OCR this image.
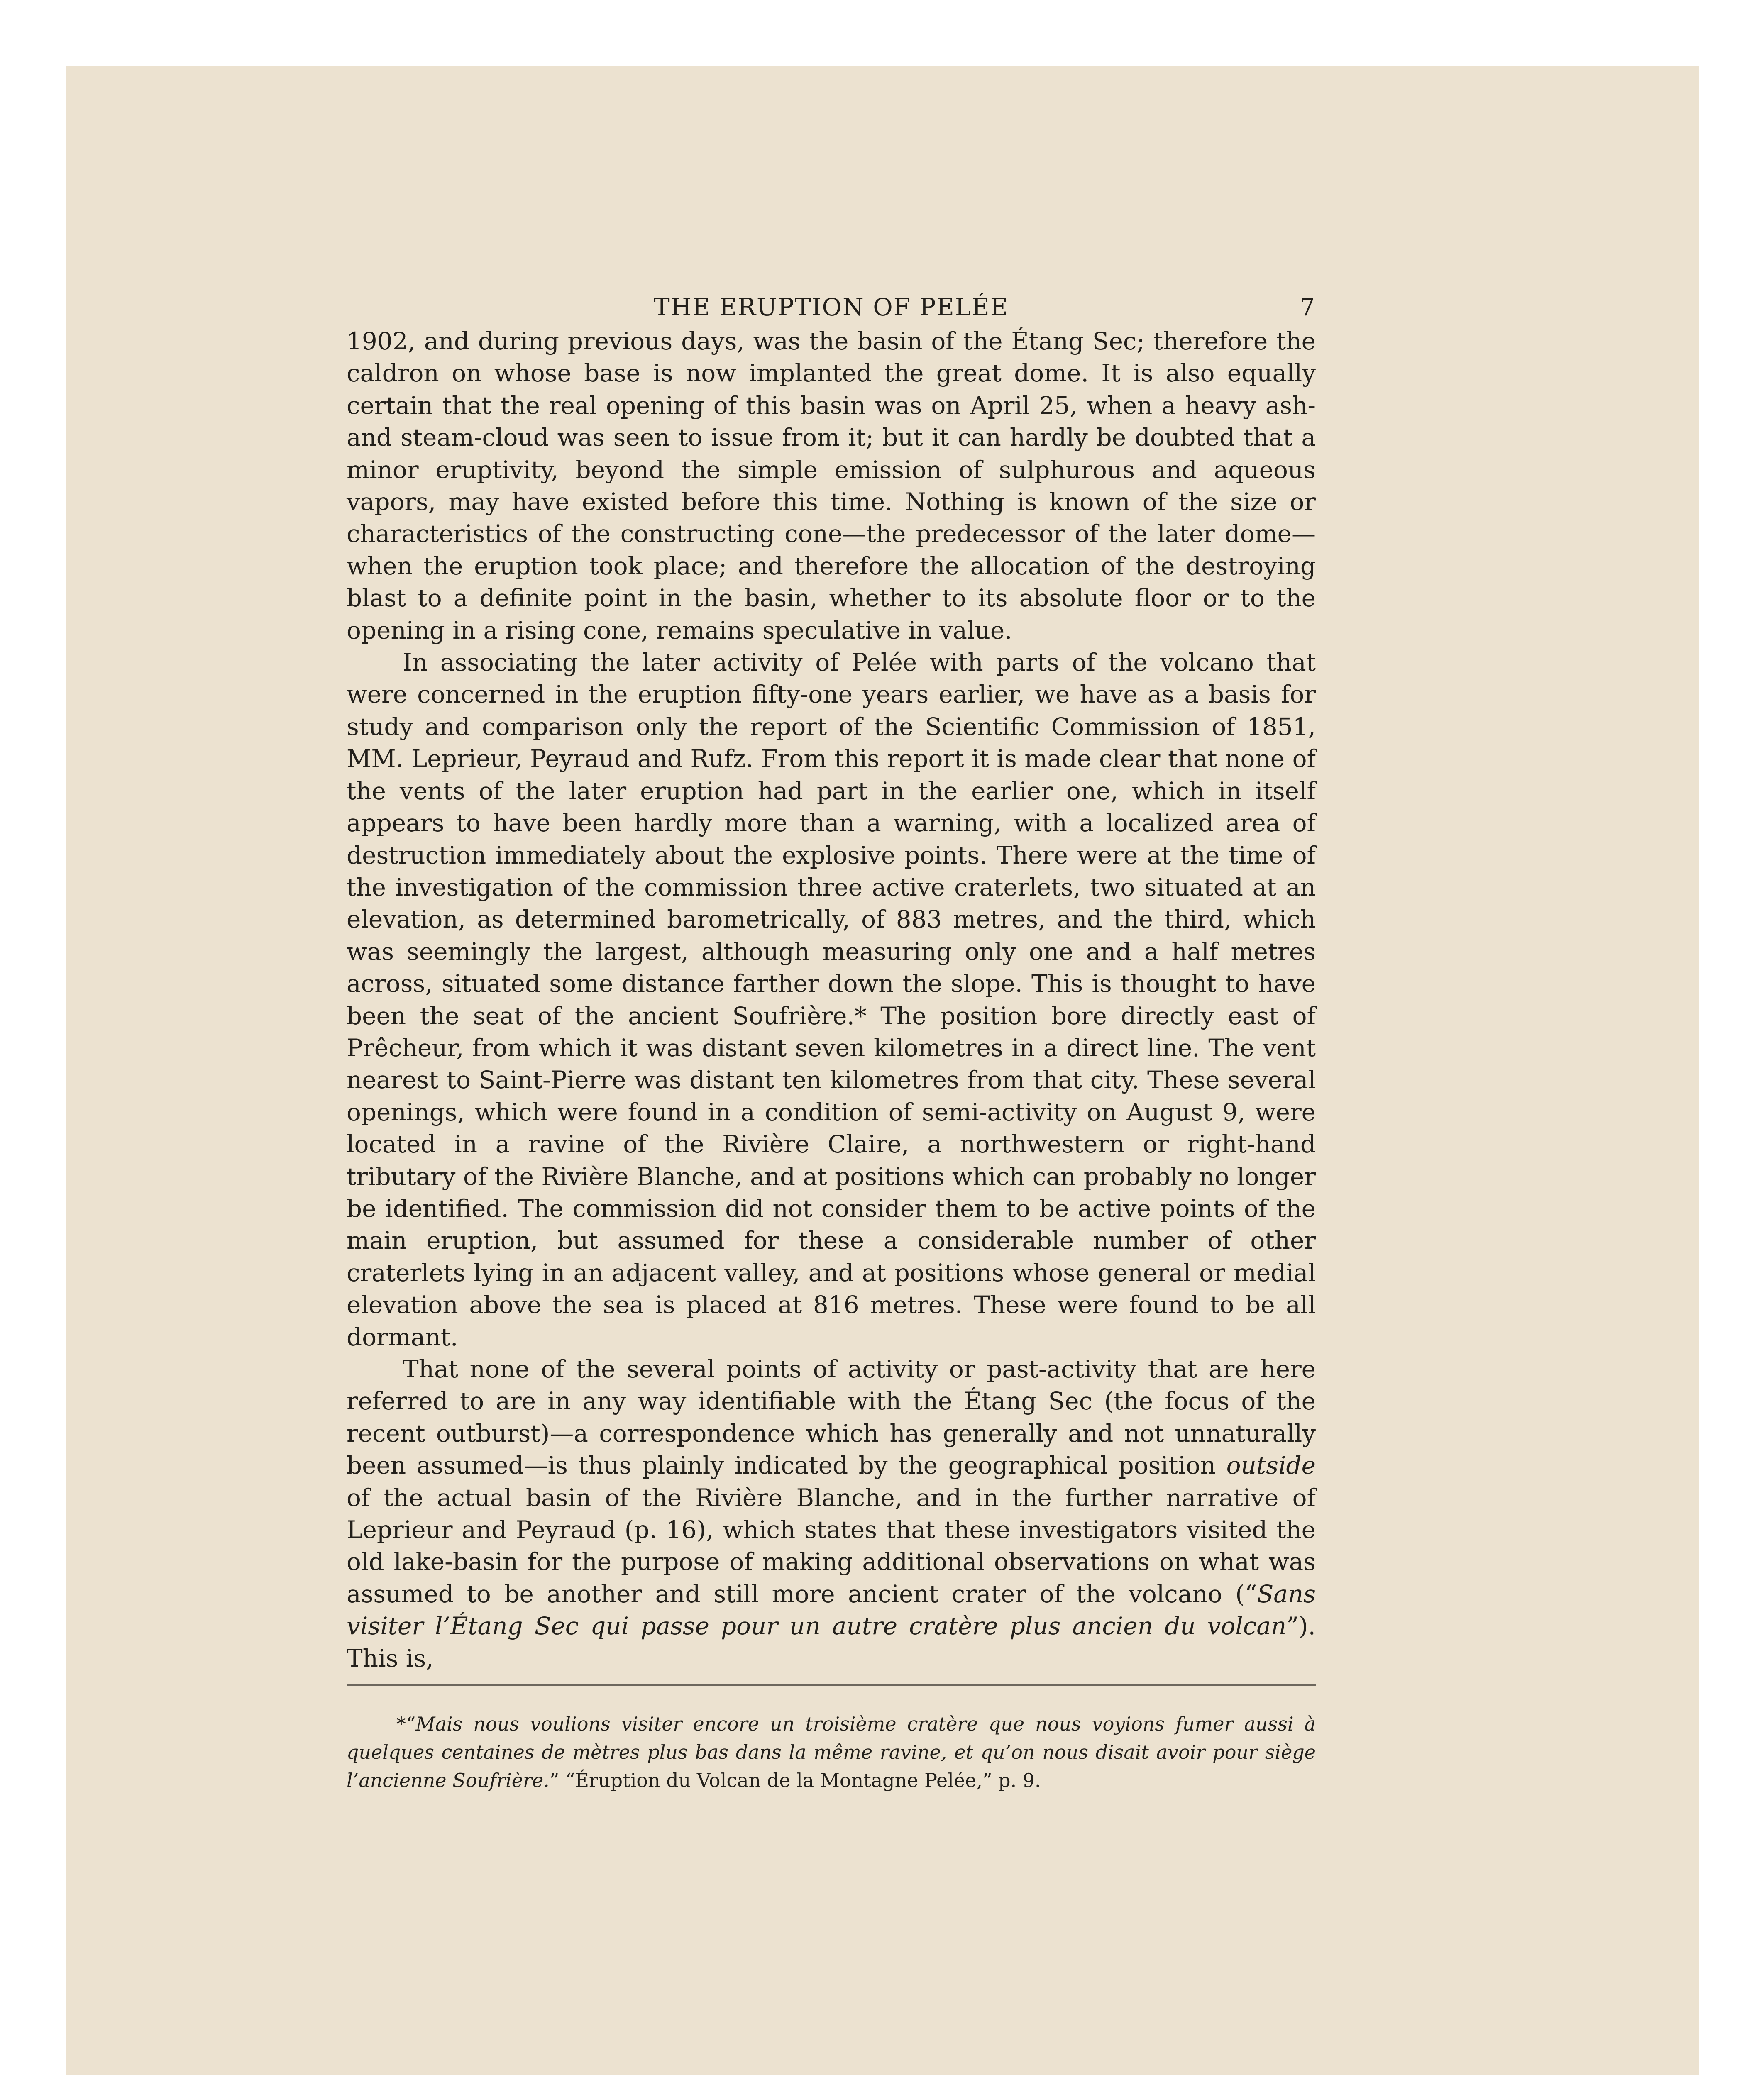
THE ERUPTION OF PELÉE	7

1902, and during previous days, was the basin of the Étang Sec; therefore the caldron on whose base is now implanted the great dome. It is also equally certain that the real opening of this basin was on April 25, when a heavy ash- and steam-cloud was seen to issue from it; but it can hardly be doubted that a minor eruptivity, beyond the simple emission of sulphurous and aqueous vapors, may have existed before this time. Nothing is known of the size or characteristics of the constructing cone—the predecessor of the later dome—when the eruption took place; and therefore the allocation of the destroying blast to a definite point in the basin, whether to its absolute floor or to the opening in a rising cone, remains speculative in value.

In associating the later activity of Pelée with parts of the volcano that were concerned in the eruption fifty-one years earlier, we have as a basis for study and comparison only the report of the Scientific Commission of 1851, MM. Leprieur, Peyraud and Rufz. From this report it is made clear that none of the vents of the later eruption had part in the earlier one, which in itself appears to have been hardly more than a warning, with a localized area of destruction immediately about the explosive points. There were at the time of the investigation of the commission three active craterlets, two situated at an elevation, as determined barometrically, of 883 metres, and the third, which was seemingly the largest, although measuring only one and a half metres across, situated some distance farther down the slope. This is thought to have been the seat of the ancient Soufrière.* The position bore directly east of Prêcheur, from which it was distant seven kilometres in a direct line. The vent nearest to Saint-Pierre was distant ten kilometres from that city. These several openings, which were found in a condition of semi-activity on August 9, were located in a ravine of the Rivière Claire, a northwestern or right-hand tributary of the Rivière Blanche, and at positions which can probably no longer be identified. The commission did not consider them to be active points of the main eruption, but assumed for these a considerable number of other craterlets lying in an adjacent valley, and at positions whose general or medial elevation above the sea is placed at 816 metres. These were found to be all dormant.

That none of the several points of activity or past-activity that are here referred to are in any way identifiable with the Étang Sec (the focus of the recent outburst)—a correspondence which has generally and not unnaturally been assumed—is thus plainly indicated by the geographical position outside of the actual basin of the Rivière Blanche, and in the further narrative of Leprieur and Peyraud (p. 16), which states that these investigators visited the old lake-basin for the purpose of making additional observations on what was assumed to be another and still more ancient crater of the volcano (“Sans visiter l’Étang Sec qui passe pour un autre cratère plus ancien du volcan”). This is,

*“Mais nous voulions visiter encore un troisième cratère que nous voyions fumer aussi à quelques centaines de mètres plus bas dans la même ravine, et qu’on nous disait avoir pour siège l’ancienne Soufrière.” “Éruption du Volcan de la Montagne Pelée,” p. 9.
